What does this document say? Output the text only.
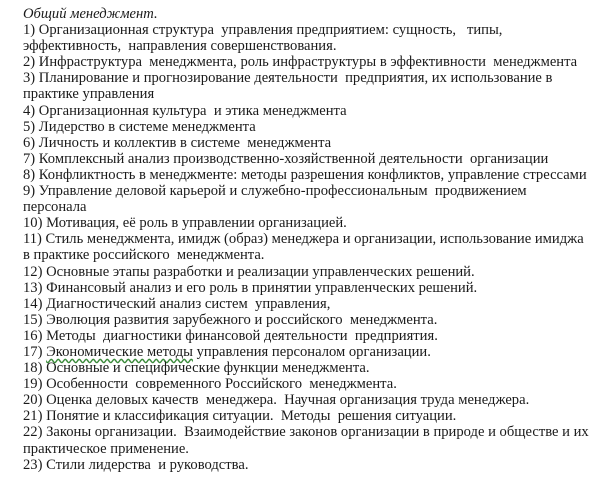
Общий менеджмент.

1) Организационная структура  управления предприятием: сущность,   типы,
эффективность,  направления совершенствования.
2) Инфраструктура  менеджмента, роль инфраструктуры в эффективности  менеджмента
3) Планирование и прогнозирование деятельности  предприятия, их использование в
практике управления
4) Организационная культура  и этика менеджмента
5) Лидерство в системе менеджмента
6) Личность и коллектив в системе  менеджмента
7) Комплексный анализ производственно-хозяйственной деятельности  организации
8) Конфликтность в менеджменте: методы разрешения конфликтов, управление стрессами
9) Управление деловой карьерой и служебно-профессиональным  продвижением
персонала
10) Мотивация, её роль в управлении организацией.
11) Стиль менеджмента, имидж (образ) менеджера и организации, использование имиджа
в практике российского  менеджмента.
12) Основные этапы разработки и реализации управленческих решений.
13) Финансовый анализ и его роль в принятии управленческих решений.
14) Диагностический анализ систем  управления,
15) Эволюция развития зарубежного и российского  менеджмента.
16) Методы  диагностики финансовой деятельности  предприятия.
17) Экономические методы управления персоналом организации.
18) Основные и специфические функции менеджмента.
19) Особенности  современного Российского  менеджмента.
20) Оценка деловых качеств  менеджера.  Научная организация труда менеджера.
21) Понятие и классификация ситуации.  Методы  решения ситуации.
22) Законы организации.  Взаимодействие законов организации в природе и обществе и их
практическое применение.
23) Стили лидерства  и руководства.
